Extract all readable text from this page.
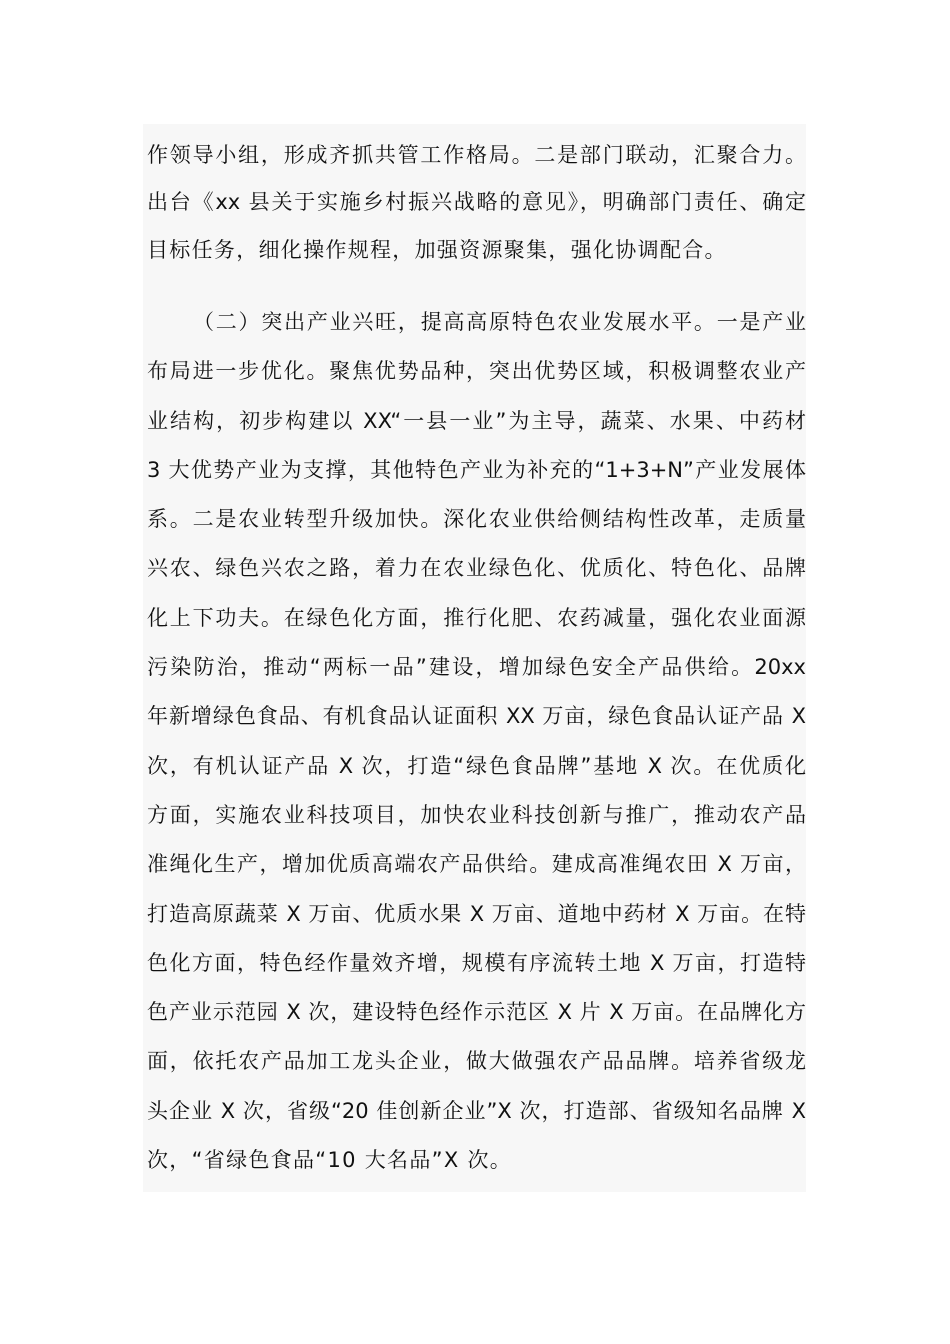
作领导小组，形成齐抓共管工作格局。二是部门联动，汇聚合力。
出台《xx 县关于实施乡村振兴战略的意见》，明确部门责任、确定
目标任务，细化操作规程，加强资源聚集，强化协调配合。
（二）突出产业兴旺，提高高原特色农业发展水平。一是产业
布局进一步优化。聚焦优势品种，突出优势区域，积极调整农业产
业结构，初步构建以 XX“一县一业”为主导，蔬菜、水果、中药材
3 大优势产业为支撑，其他特色产业为补充的“1+3+N”产业发展体
系。二是农业转型升级加快。深化农业供给侧结构性改革，走质量
兴农、绿色兴农之路，着力在农业绿色化、优质化、特色化、品牌
化上下功夫。在绿色化方面，推行化肥、农药减量，强化农业面源
污染防治，推动“两标一品”建设，增加绿色安全产品供给。20xx
年新增绿色食品、有机食品认证面积 XX 万亩，绿色食品认证产品 X
次，有机认证产品 X 次，打造“绿色食品牌”基地 X 次。在优质化
方面，实施农业科技项目，加快农业科技创新与推广，推动农产品
准绳化生产，增加优质高端农产品供给。建成高准绳农田 X 万亩，
打造高原蔬菜 X 万亩、优质水果 X 万亩、道地中药材 X 万亩。在特
色化方面，特色经作量效齐增，规模有序流转土地 X 万亩，打造特
色产业示范园 X 次，建设特色经作示范区 X 片 X 万亩。在品牌化方
面，依托农产品加工龙头企业，做大做强农产品品牌。培养省级龙
头企业 X 次，省级“20 佳创新企业”X 次，打造部、省级知名品牌 X
次，“省绿色食品“10 大名品”X 次。
